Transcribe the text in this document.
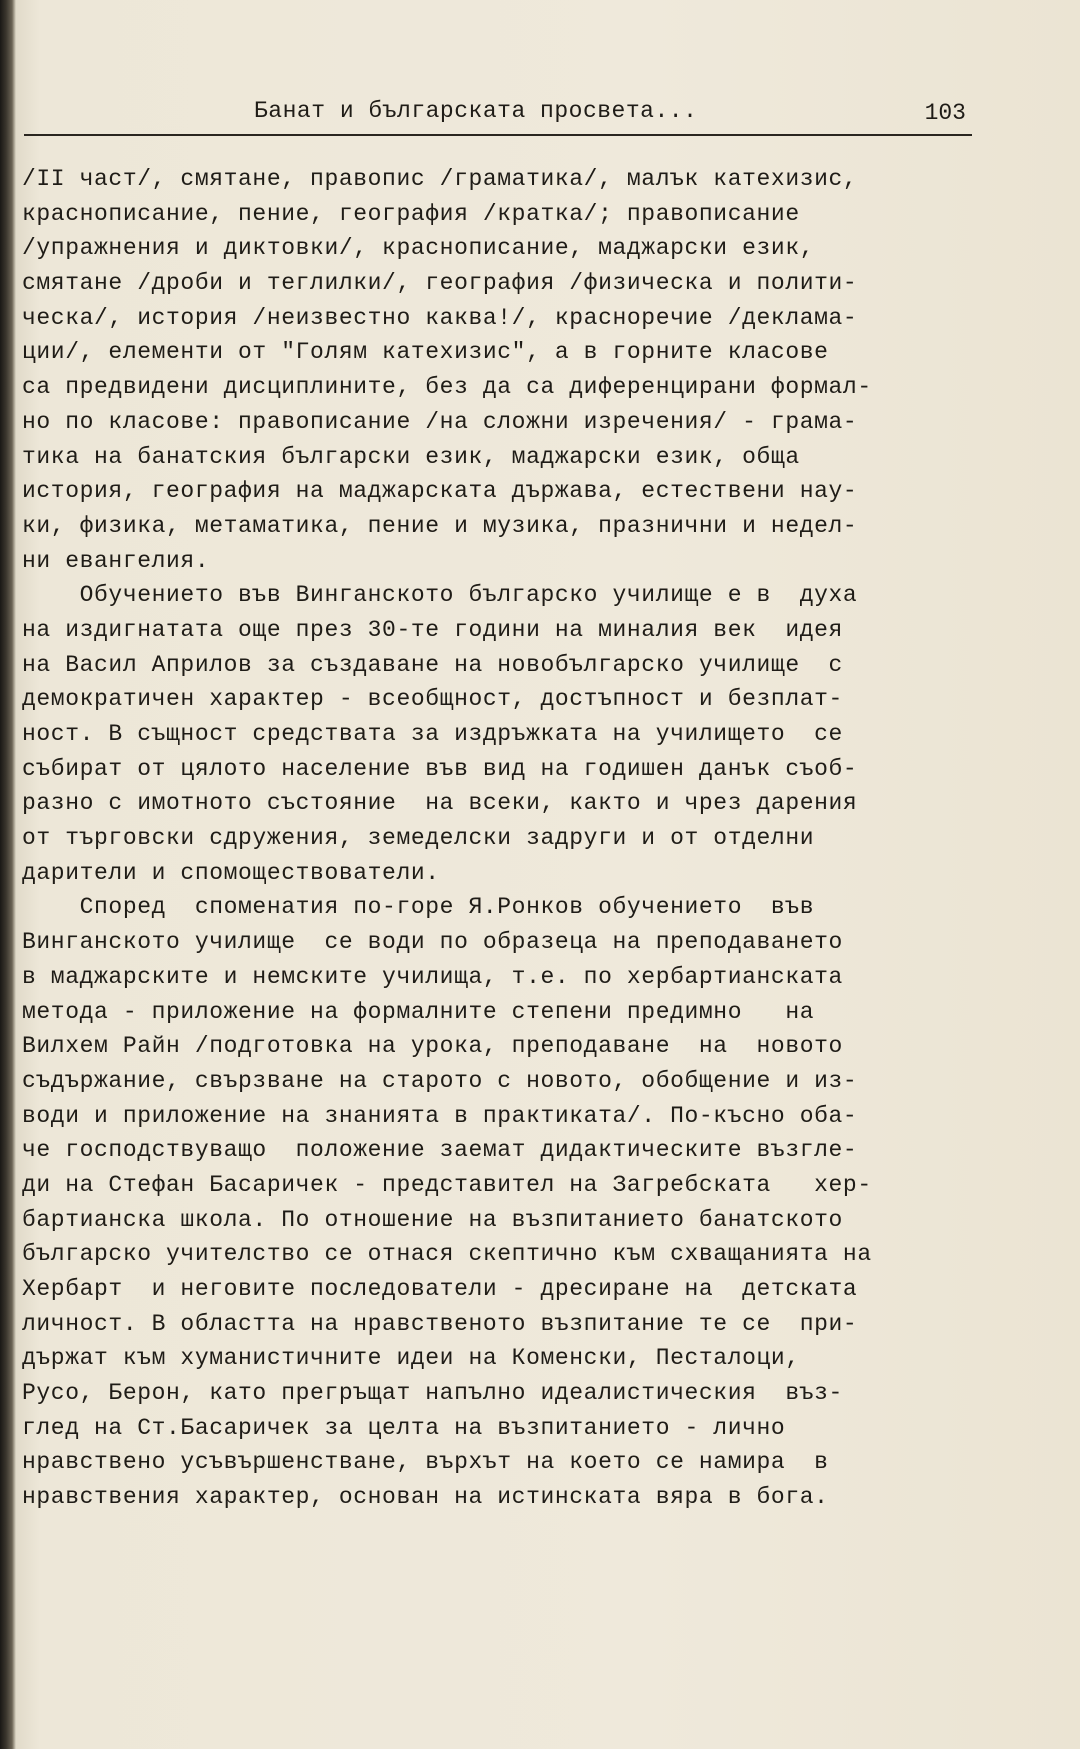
Банат и българската просвета...	103
/II част/, смятане, правопис /граматика/, малък катехизис,
краснописание, пение, география /кратка/; правописание
/упражнения и диктовки/, краснописание, маджарски език,
смятане /дроби и теглилки/, география /физическа и полити-
ческа/, история /неизвестно каква!/, красноречие /деклама-
ции/, елементи от "Голям катехизис", а в горните класове
са предвидени дисциплините, без да са диференцирани формал-
но по класове: правописание /на сложни изречения/ - грама-
тика на банатския български език, маджарски език, обща
история, география на маджарската държава, естествени нау-
ки, физика, метаматика, пение и музика, празнични и недел-
ни евангелия.
Обучението във Винганското българско училище е в  духа
на издигнатата още през 30-те години на миналия век  идея
на Васил Априлов за създаване на новобългарско училище  с
демократичен характер - всеобщност, достъпност и безплат-
ност. В същност средствата за издръжката на училището  се
събират от цялото население във вид на годишен данък съоб-
разно с имотното състояние  на всеки, както и чрез дарения
от търговски сдружения, земеделски задруги и от отделни
дарители и спомоществователи.
Според  споменатия по-горе Я.Ронков обучението  във
Винганското училище  се води по образеца на преподаването
в маджарските и немските училища, т.е. по хербартианската
метода - приложение на формалните степени предимно   на
Вилхем Райн /подготовка на урока, преподаване  на  новото
съдържание, свързване на старото с новото, обобщение и из-
води и приложение на знанията в практиката/. По-късно оба-
че господствуващо  положение заемат дидактическите възгле-
ди на Стефан Басаричек - представител на Загребската   хер-
бартианска школа. По отношение на възпитанието банатското
българско учителство се отнася скептично към схващанията на
Хербарт  и неговите последователи - дресиране на  детската
личност. В областта на нравственото възпитание те се  при-
държат към хуманистичните идеи на Коменски, Песталоци,
Русо, Берон, като прегръщат напълно идеалистическия  въз-
глед на Ст.Басаричек за целта на възпитанието - лично
нравствено усъвършенстване, върхът на което се намира  в
нравствения характер, основан на истинската вяра в бога.
